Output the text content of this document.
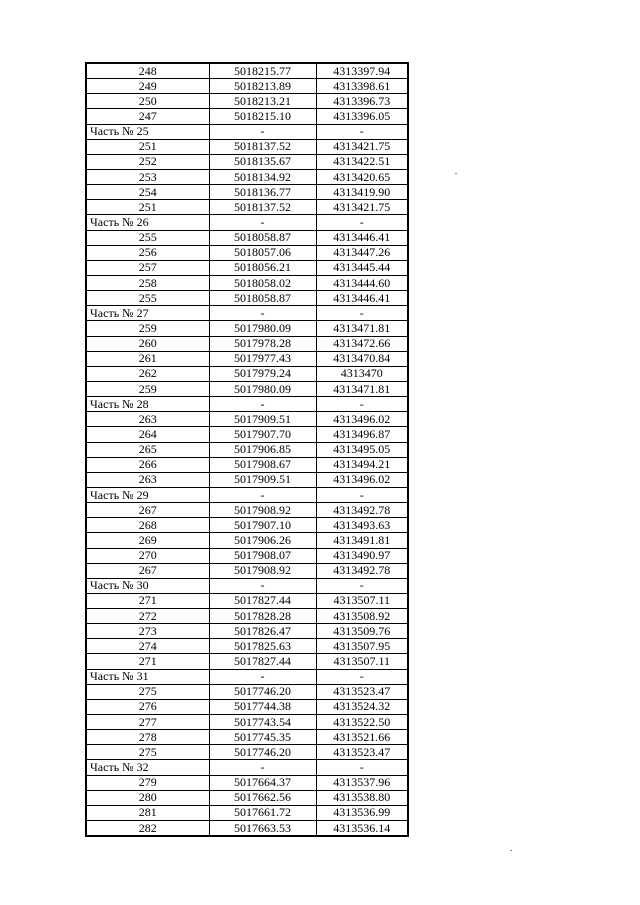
248	5018215.77	4313397.94
249	5018213.89	4313398.61
250	5018213.21	4313396.73
247	5018215.10	4313396.05
Часть № 25	-	-
251	5018137.52	4313421.75
252	5018135.67	4313422.51
253	5018134.92	4313420.65
254	5018136.77	4313419.90
251	5018137.52	4313421.75
Часть № 26	-	-
255	5018058.87	4313446.41
256	5018057.06	4313447.26
257	5018056.21	4313445.44
258	5018058.02	4313444.60
255	5018058.87	4313446.41
Часть № 27	-	-
259	5017980.09	4313471.81
260	5017978.28	4313472.66
261	5017977.43	4313470.84
262	5017979.24	4313470
259	5017980.09	4313471.81
Часть № 28	-	-
263	5017909.51	4313496.02
264	5017907.70	4313496.87
265	5017906.85	4313495.05
266	5017908.67	4313494.21
263	5017909.51	4313496.02
Часть № 29	-	-
267	5017908.92	4313492.78
268	5017907.10	4313493.63
269	5017906.26	4313491.81
270	5017908.07	4313490.97
267	5017908.92	4313492.78
Часть № 30	-	-
271	5017827.44	4313507.11
272	5017828.28	4313508.92
273	5017826.47	4313509.76
274	5017825.63	4313507.95
271	5017827.44	4313507.11
Часть № 31	-	-
275	5017746.20	4313523.47
276	5017744.38	4313524.32
277	5017743.54	4313522.50
278	5017745.35	4313521.66
275	5017746.20	4313523.47
Часть № 32	-	-
279	5017664.37	4313537.96
280	5017662.56	4313538.80
281	5017661.72	4313536.99
282	5017663.53	4313536.14
